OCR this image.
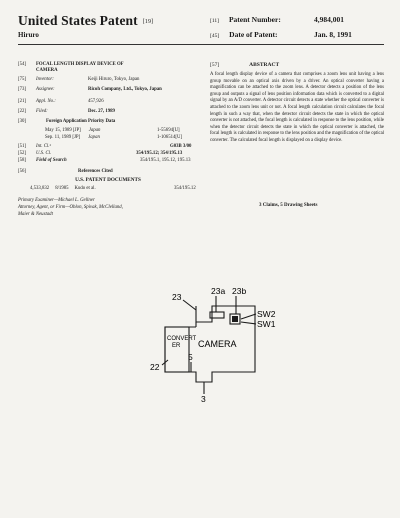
United States Patent [19]
Hiruro
[11] Patent Number:	4,984,001
[45] Date of Patent:	Jan. 8, 1991
[54] FOCAL LENGTH DISPLAY DEVICE OF
CAMERA
[75] Inventor:	Keiji Hiruro, Tokyo, Japan
[73] Assignee:	Ricoh Company, Ltd., Tokyo, Japan
[21] Appl. No.:	457,926
[22] Filed:	Dec. 27, 1989
[30]	Foreign Application Priority Data
May 15, 1989 [JP] Japan	1-55694[U]
Sep. 11, 1989 [JP] Japan	1-106514[U]
[51] Int. Cl.⁵	G03B 3/00
[52] U.S. Cl.	354/195.12; 354/195.13
[58] Field of Search	354/195.1, 195.12, 195.13
[56]	References Cited
U.S. PATENT DOCUMENTS
4,533,832 8/1985 Kudo et al.	354/195.12
Primary Examiner—Michael L. Gellner
Attorney, Agent, or Firm—Oblon, Spivak, McClelland,
Maier & Neustadt
[57]	ABSTRACT
A focal length display device of a camera that comprises a zoom lens unit having a lens group movable on an optical axis driven by a driver. An optical converter having a magnification can be attached to the zoom lens. A detector detects a position of the lens group and outputs a signal of lens position information data which is converted to a digital signal by an A/D converter. A detector circuit detects a state whether the optical converter is attached to the zoom lens unit or not. A focal length calculation circuit calculates the focal length in such a way that, when the detector circuit detects the state in which the optical converter is not attached, the focal length is calculated in response to the lens position, while when the detector circuit detects the state in which the optical converter is attached, the focal length is calculated in response to the lens position and the magnification of the optical converter. The calculated focal length is displayed on a display device.
3 Claims, 5 Drawing Sheets
23
23a 23b
SW2
SW1
CAMERA
CONVERT ER
22
5
3
